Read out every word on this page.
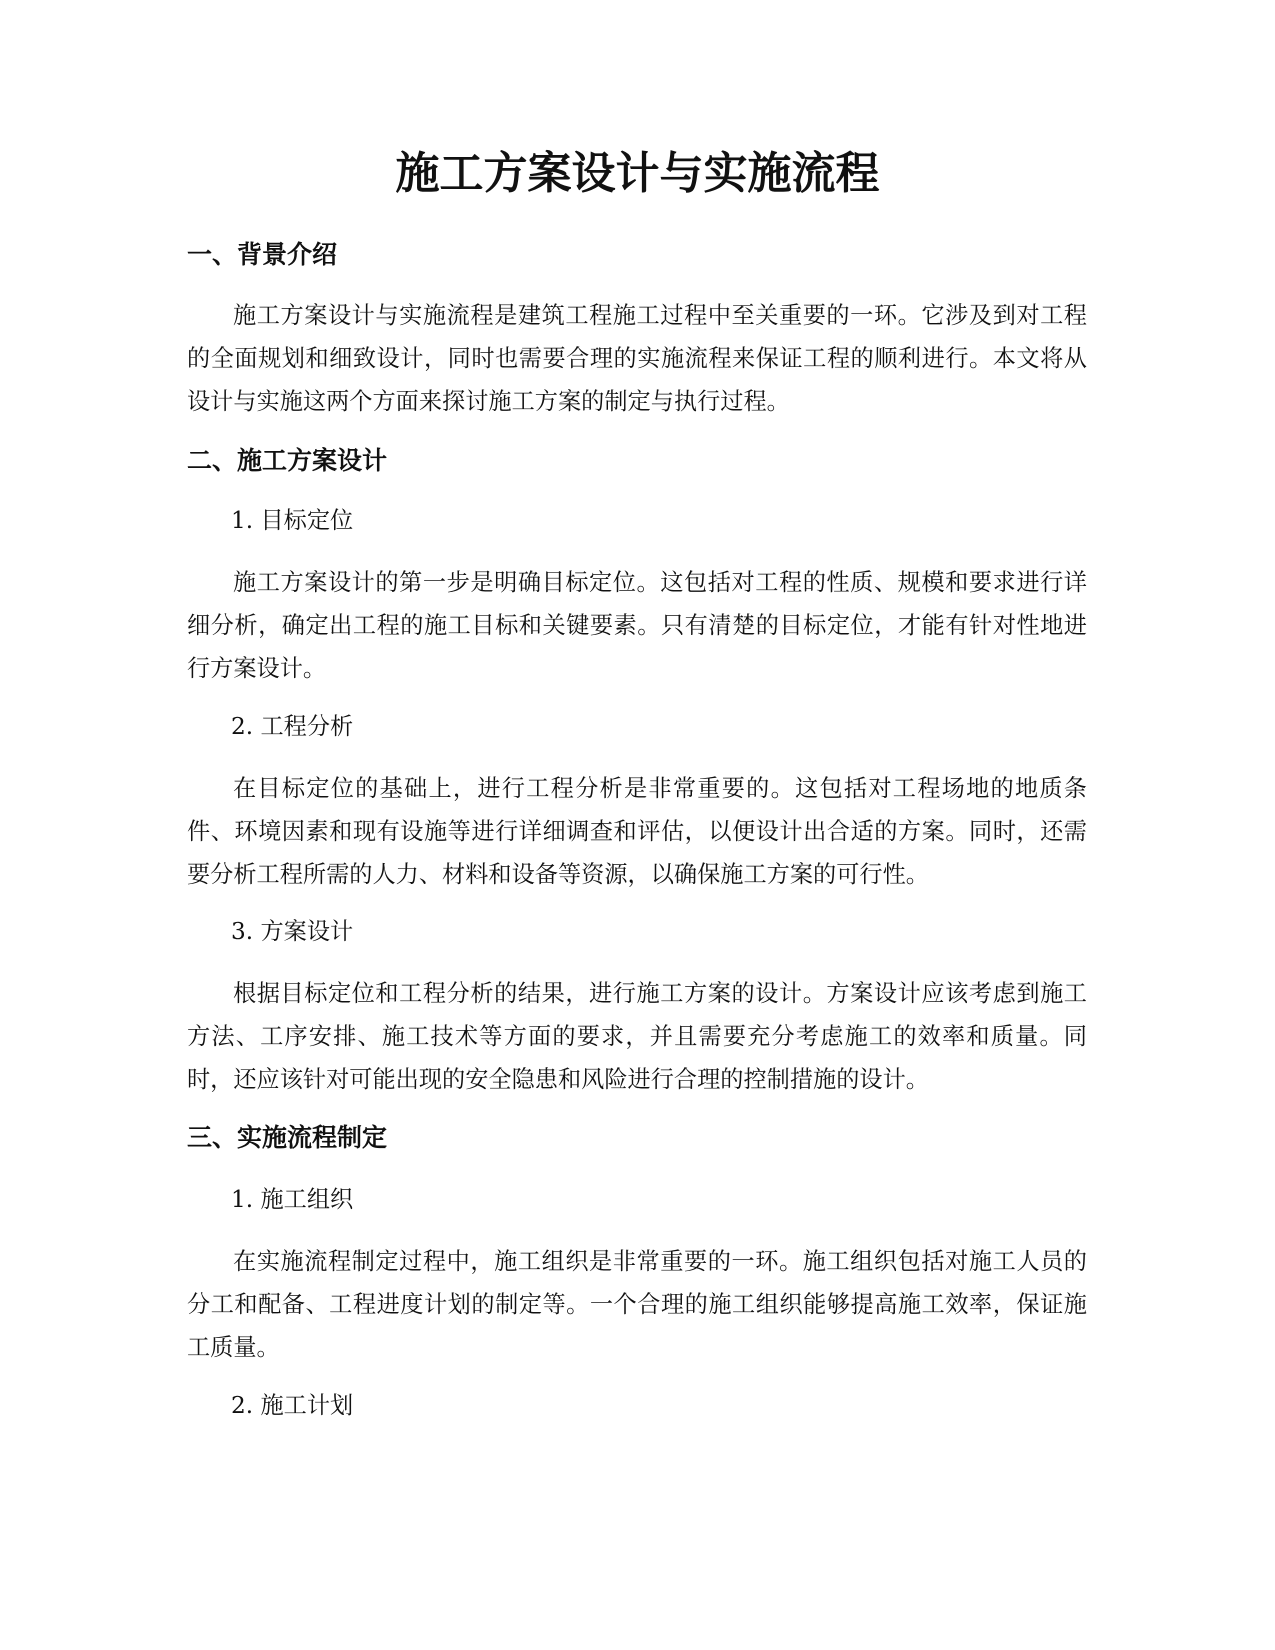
施工方案设计与实施流程
一、背景介绍

施工方案设计与实施流程是建筑工程施工过程中至关重要的一环。它涉及到对工程的全面规划和细致设计，同时也需要合理的实施流程来保证工程的顺利进行。本文将从设计与实施这两个方面来探讨施工方案的制定与执行过程。

二、施工方案设计

1. 目标定位

施工方案设计的第一步是明确目标定位。这包括对工程的性质、规模和要求进行详细分析，确定出工程的施工目标和关键要素。只有清楚的目标定位，才能有针对性地进行方案设计。

2. 工程分析

在目标定位的基础上，进行工程分析是非常重要的。这包括对工程场地的地质条件、环境因素和现有设施等进行详细调查和评估，以便设计出合适的方案。同时，还需要分析工程所需的人力、材料和设备等资源，以确保施工方案的可行性。

3. 方案设计

根据目标定位和工程分析的结果，进行施工方案的设计。方案设计应该考虑到施工方法、工序安排、施工技术等方面的要求，并且需要充分考虑施工的效率和质量。同时，还应该针对可能出现的安全隐患和风险进行合理的控制措施的设计。

三、实施流程制定

1. 施工组织

在实施流程制定过程中，施工组织是非常重要的一环。施工组织包括对施工人员的分工和配备、工程进度计划的制定等。一个合理的施工组织能够提高施工效率，保证施工质量。

2. 施工计划
